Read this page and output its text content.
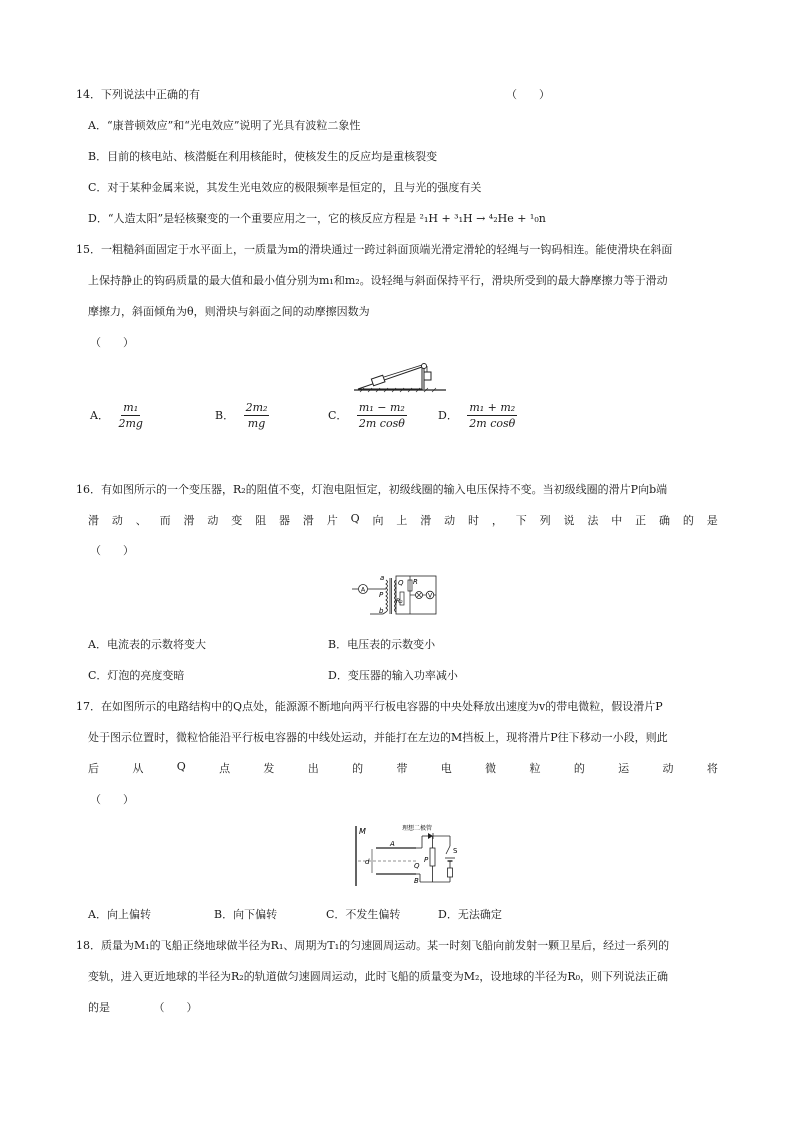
14．下列说法中正确的有	（　　）
A．“康普顿效应”和“光电效应”说明了光具有波粒二象性
B．目前的核电站、核潜艇在利用核能时，使核发生的反应均是重核裂变
C．对于某种金属来说，其发生光电效应的极限频率是恒定的，且与光的强度有关
D．“人造太阳”是轻核聚变的一个重要应用之一，它的核反应方程是 ²₁H + ³₁H → ⁴₂He + ¹₀n
15．一粗糙斜面固定于水平面上，一质量为m的滑块通过一跨过斜面顶端光滑定滑轮的轻绳与一钩码相连。能使滑块在斜面
上保持静止的钩码质量的最大值和最小值分别为m₁和m₂。设轻绳与斜面保持平行，滑块所受到的最大静摩擦力等于滑动
摩擦力，斜面倾角为θ，则滑块与斜面之间的动摩擦因数为
（　　）
A． $\frac{\text{m₁}}{2mg}$	B． $\frac{\text{2m₂}}{mg}$	C． $\frac{\text{m₁ − m₂}}{\text{2m cosθ}}$	D． $\frac{\text{m₁ + m₂}}{\text{2m cosθ}}$
16．有如图所示的一个变压器，R₂的阻值不变，灯泡电阻恒定，初级线圈的输入电压保持不变。当初级线圈的滑片P向b端
滑 动 、 而 滑 动 变 阻 器 滑 片 Q 向 上 滑 动 时 ， 下 列 说 法 中 正 确 的 是
（　　）
A
a
P
b
Q
R₂
R
V
A．电流表的示数将变大	B．电压表的示数变小
C．灯泡的亮度变暗	D．变压器的输入功率减小
17．在如图所示的电路结构中的Q点处，能源源不断地向两平行板电容器的中央处释放出速度为v的带电微粒，假设滑片P
处于图示位置时，微粒恰能沿平行板电容器的中线处运动，并能打在左边的M挡板上，现将滑片P往下移动一小段，则此
后	从	Q	点	发	出	的	带	电	微	粒	的	运	动	将
（　　）
M	理想二极管
A
d	Q
B
P
S
A．向上偏转	B．向下偏转	C．不发生偏转	D．无法确定
18．质量为M₁的飞船正绕地球做半径为R₁、周期为T₁的匀速圆周运动。某一时刻飞船向前发射一颗卫星后，经过一系列的
变轨，进入更近地球的半径为R₂的轨道做匀速圆周运动，此时飞船的质量变为M₂，设地球的半径为R₀，则下列说法正确
的是	（　　）
